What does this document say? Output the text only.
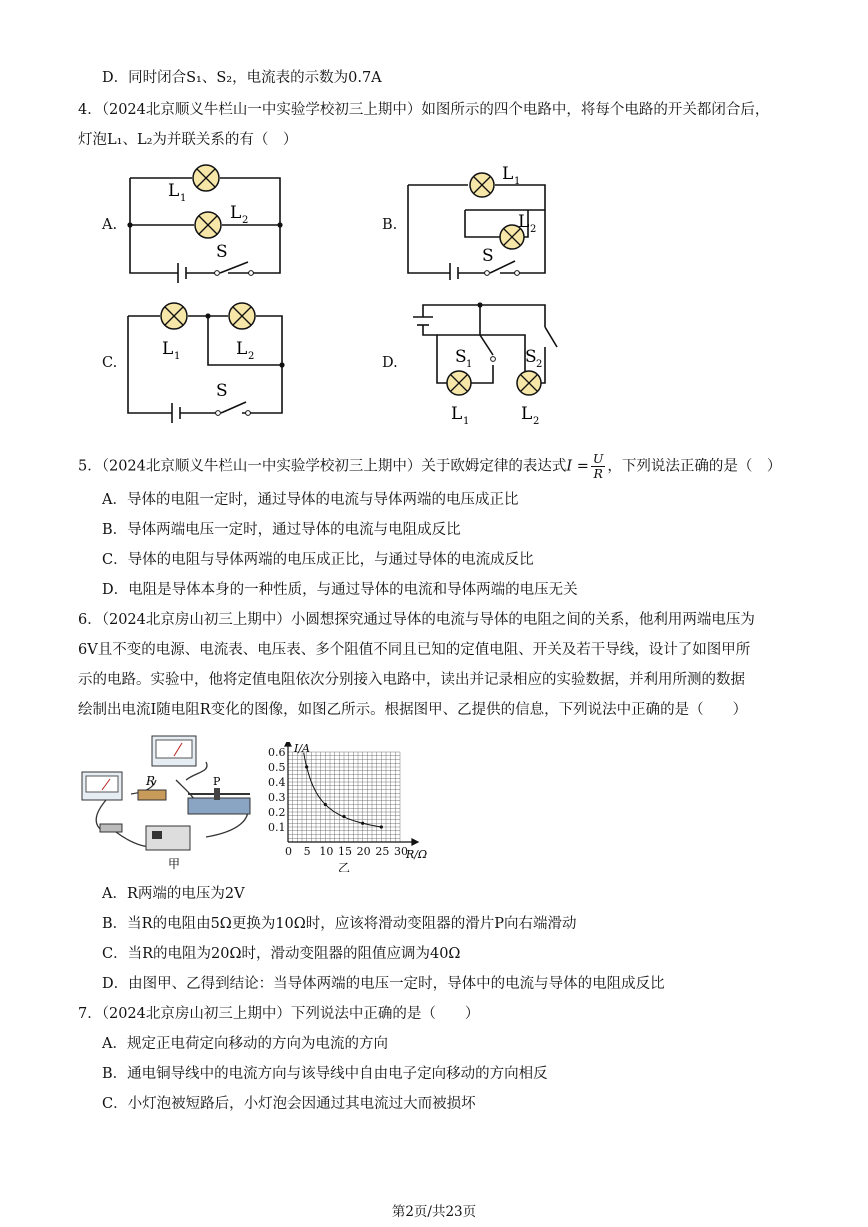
D．同时闭合S₁、S₂，电流表的示数为0.7A
4．（2024北京顺义牛栏山一中实验学校初三上期中）如图所示的四个电路中，将每个电路的开关都闭合后，
灯泡L₁、L₂为并联关系的有（　）
A.	B.
C.	D.
L 1
L 2
S
L 1
L 2
S
L 1	L 2
S
S 1	S 2
L 1	L 2
5．（2024北京顺义牛栏山一中实验学校初三上期中）关于欧姆定律的表达式$I = \frac{U}{R}$ ，下列说法正确的是（　）
A．导体的电阻一定时，通过导体的电流与导体两端的电压成正比
B．导体两端电压一定时，通过导体的电流与电阻成反比
C．导体的电阻与导体两端的电压成正比，与通过导体的电流成反比
D．电阻是导体本身的一种性质，与通过导体的电流和导体两端的电压无关
6．（2024北京房山初三上期中）小圆想探究通过导体的电流与导体的电阻之间的关系，他利用两端电压为
6V且不变的电源、电流表、电压表、多个阻值不同且已知的定值电阻、开关及若干导线，设计了如图甲所
示的电路。实验中，他将定值电阻依次分别接入电路中，读出并记录相应的实验数据，并利用所测的数据
绘制出电流I随电阻R变化的图像，如图乙所示。根据图甲、乙提供的信息，下列说法中正确的是（　　）
R	P
甲
0 5 10 15 20 25 30
0.1
0.2
0.3
0.4
0.5
0.6 I/A
R/Ω
乙
A．R两端的电压为2V
B．当R的电阻由5Ω更换为10Ω时，应该将滑动变阻器的滑片P向右端滑动
C．当R的电阻为20Ω时，滑动变阻器的阻值应调为40Ω
D．由图甲、乙得到结论：当导体两端的电压一定时，导体中的电流与导体的电阻成反比
7．（2024北京房山初三上期中）下列说法中正确的是（　　）
A．规定正电荷定向移动的方向为电流的方向
B．通电铜导线中的电流方向与该导线中自由电子定向移动的方向相反
C．小灯泡被短路后，小灯泡会因通过其电流过大而被损坏
第2页/共23页
